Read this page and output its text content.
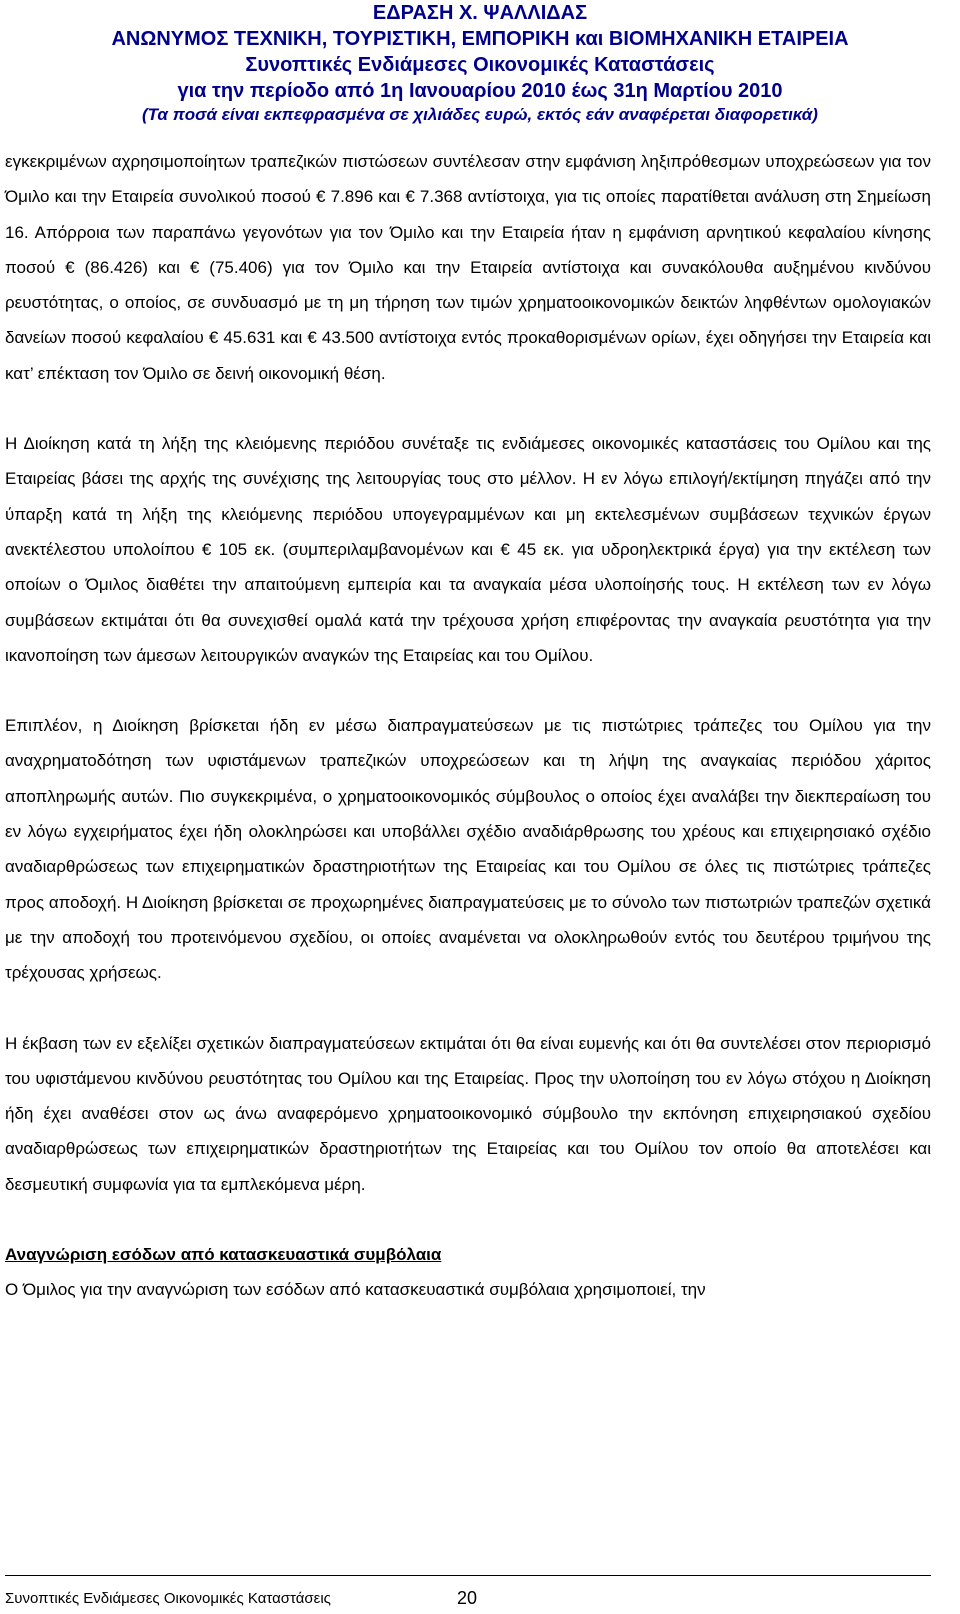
ΕΔΡΑΣΗ Χ. ΨΑΛΛΙΔΑΣ
ΑΝΩΝΥΜΟΣ ΤΕΧΝΙΚΗ, ΤΟΥΡΙΣΤΙΚΗ, ΕΜΠΟΡΙΚΗ και ΒΙΟΜΗΧΑΝΙΚΗ ΕΤΑΙΡΕΙΑ
Συνοπτικές Ενδιάμεσες Οικονομικές Καταστάσεις
για την περίοδο από 1η Ιανουαρίου 2010 έως 31η Μαρτίου 2010
(Τα ποσά είναι εκπεφρασμένα σε χιλιάδες ευρώ, εκτός εάν αναφέρεται διαφορετικά)

εγκεκριμένων αχρησιμοποίητων τραπεζικών πιστώσεων συντέλεσαν στην εμφάνιση ληξιπρόθεσμων υποχρεώσεων για τον Όμιλο και την Εταιρεία συνολικού ποσού € 7.896 και € 7.368 αντίστοιχα, για τις οποίες παρατίθεται ανάλυση στη Σημείωση 16. Απόρροια των παραπάνω γεγονότων για τον Όμιλο και την Εταιρεία ήταν η εμφάνιση αρνητικού κεφαλαίου κίνησης ποσού € (86.426) και € (75.406) για τον Όμιλο και την Εταιρεία αντίστοιχα και συνακόλουθα αυξημένου κινδύνου ρευστότητας, ο οποίος, σε συνδυασμό με τη μη τήρηση των τιμών χρηματοοικονομικών δεικτών ληφθέντων ομολογιακών δανείων ποσού κεφαλαίου € 45.631 και € 43.500 αντίστοιχα εντός προκαθορισμένων ορίων, έχει οδηγήσει την Εταιρεία και κατ’ επέκταση τον Όμιλο σε δεινή οικονομική θέση.

Η Διοίκηση κατά τη λήξη της κλειόμενης περιόδου συνέταξε τις ενδιάμεσες οικονομικές καταστάσεις του Ομίλου και της Εταιρείας βάσει της αρχής της συνέχισης της λειτουργίας τους στο μέλλον. Η εν λόγω επιλογή/εκτίμηση πηγάζει από την ύπαρξη κατά τη λήξη της κλειόμενης περιόδου υπογεγραμμένων και μη εκτελεσμένων συμβάσεων τεχνικών έργων ανεκτέλεστου υπολοίπου € 105 εκ. (συμπεριλαμβανομένων και € 45 εκ. για υδροηλεκτρικά έργα) για την εκτέλεση των οποίων ο Όμιλος διαθέτει την απαιτούμενη εμπειρία και τα αναγκαία μέσα υλοποίησής τους. Η εκτέλεση των εν λόγω συμβάσεων εκτιμάται ότι θα συνεχισθεί ομαλά κατά την τρέχουσα χρήση επιφέροντας την αναγκαία ρευστότητα για την ικανοποίηση των άμεσων λειτουργικών αναγκών της Εταιρείας και του Ομίλου.

Επιπλέον, η Διοίκηση βρίσκεται ήδη εν μέσω διαπραγματεύσεων με τις πιστώτριες τράπεζες του Ομίλου για την αναχρηματοδότηση των υφιστάμενων τραπεζικών υποχρεώσεων και τη λήψη της αναγκαίας περιόδου χάριτος αποπληρωμής αυτών. Πιο συγκεκριμένα, ο χρηματοοικονομικός σύμβουλος ο οποίος έχει αναλάβει την διεκπεραίωση του εν λόγω εγχειρήματος έχει ήδη ολοκληρώσει και υποβάλλει σχέδιο αναδιάρθρωσης του χρέους και επιχειρησιακό σχέδιο αναδιαρθρώσεως των επιχειρηματικών δραστηριοτήτων της Εταιρείας και του Ομίλου σε όλες τις πιστώτριες τράπεζες προς αποδοχή. Η Διοίκηση βρίσκεται σε προχωρημένες διαπραγματεύσεις με το σύνολο των πιστωτριών τραπεζών σχετικά με την αποδοχή του προτεινόμενου σχεδίου, οι οποίες αναμένεται να ολοκληρωθούν εντός του δευτέρου τριμήνου της τρέχουσας χρήσεως.

Η έκβαση των εν εξελίξει σχετικών διαπραγματεύσεων εκτιμάται ότι θα είναι ευμενής και ότι θα συντελέσει στον περιορισμό του υφιστάμενου κινδύνου ρευστότητας του Ομίλου και της Εταιρείας. Προς την υλοποίηση του εν λόγω στόχου η Διοίκηση ήδη έχει αναθέσει στον ως άνω αναφερόμενο χρηματοοικονομικό σύμβουλο την εκπόνηση επιχειρησιακού σχεδίου αναδιαρθρώσεως των επιχειρηματικών δραστηριοτήτων της Εταιρείας και του Ομίλου τον οποίο θα αποτελέσει και δεσμευτική συμφωνία για τα εμπλεκόμενα μέρη.

Αναγνώριση εσόδων από κατασκευαστικά συμβόλαια

Ο Όμιλος για την αναγνώριση των εσόδων από κατασκευαστικά συμβόλαια χρησιμοποιεί, την

Συνοπτικές Ενδιάμεσες Οικονομικές Καταστάσεις	20
